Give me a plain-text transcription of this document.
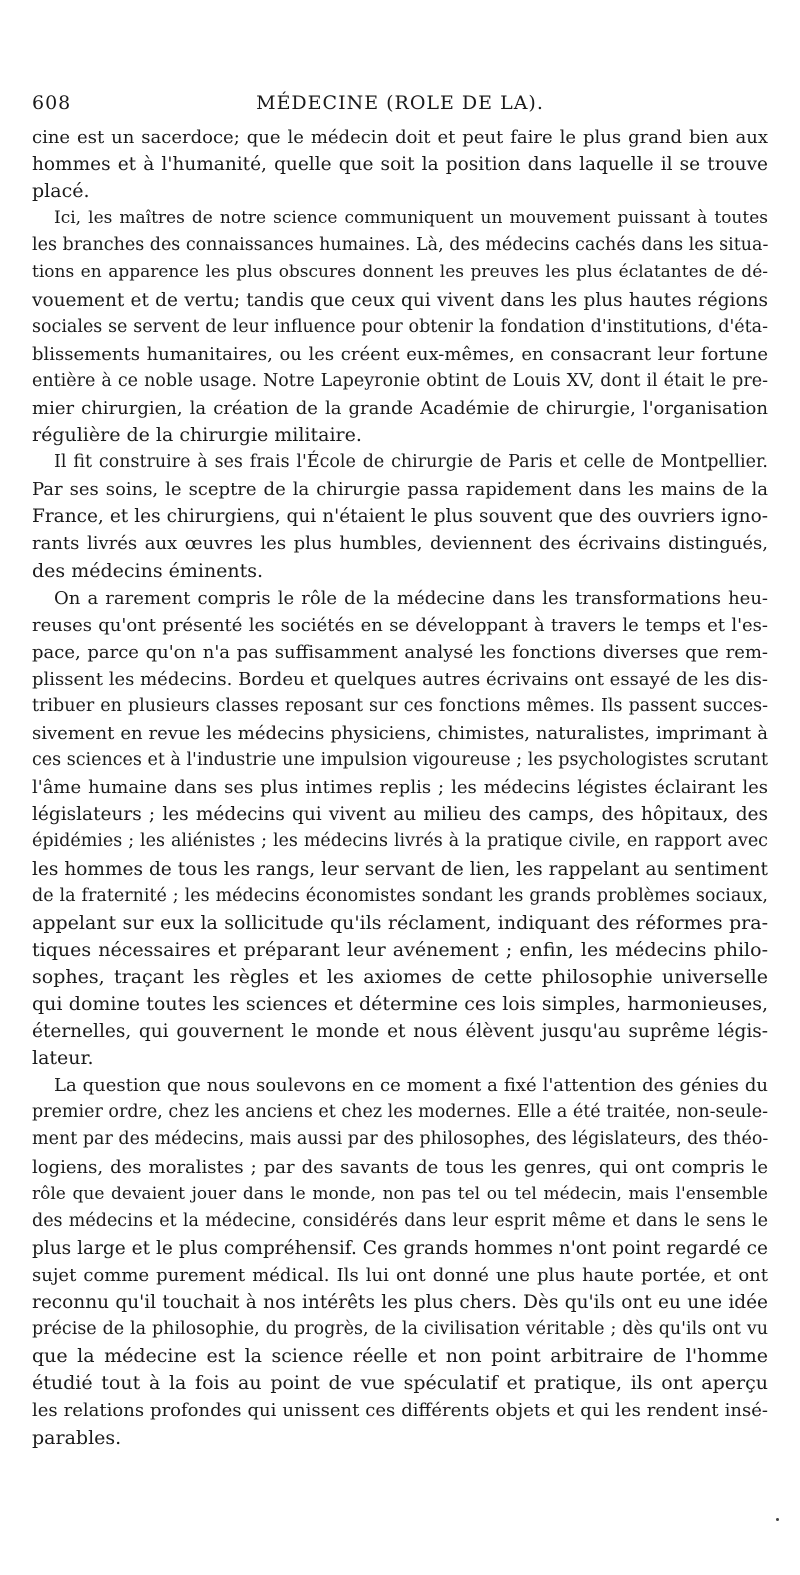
608	MÉDECINE (ROLE DE LA).
cine est un sacerdoce; que le médecin doit et peut faire le plus grand bien aux
hommes et à l'humanité, quelle que soit la position dans laquelle il se trouve
placé.
Ici, les maîtres de notre science communiquent un mouvement puissant à toutes
les branches des connaissances humaines. Là, des médecins cachés dans les situa-
tions en apparence les plus obscures donnent les preuves les plus éclatantes de dé-
vouement et de vertu; tandis que ceux qui vivent dans les plus hautes régions
sociales se servent de leur influence pour obtenir la fondation d'institutions, d'éta-
blissements humanitaires, ou les créent eux-mêmes, en consacrant leur fortune
entière à ce noble usage. Notre Lapeyronie obtint de Louis XV, dont il était le pre-
mier chirurgien, la création de la grande Académie de chirurgie, l'organisation
régulière de la chirurgie militaire.
Il fit construire à ses frais l'École de chirurgie de Paris et celle de Montpellier.
Par ses soins, le sceptre de la chirurgie passa rapidement dans les mains de la
France, et les chirurgiens, qui n'étaient le plus souvent que des ouvriers igno-
rants livrés aux œuvres les plus humbles, deviennent des écrivains distingués,
des médecins éminents.
On a rarement compris le rôle de la médecine dans les transformations heu-
reuses qu'ont présenté les sociétés en se développant à travers le temps et l'es-
pace, parce qu'on n'a pas suffisamment analysé les fonctions diverses que rem-
plissent les médecins. Bordeu et quelques autres écrivains ont essayé de les dis-
tribuer en plusieurs classes reposant sur ces fonctions mêmes. Ils passent succes-
sivement en revue les médecins physiciens, chimistes, naturalistes, imprimant à
ces sciences et à l'industrie une impulsion vigoureuse ; les psychologistes scrutant
l'âme humaine dans ses plus intimes replis ; les médecins légistes éclairant les
législateurs ; les médecins qui vivent au milieu des camps, des hôpitaux, des
épidémies ; les aliénistes ; les médecins livrés à la pratique civile, en rapport avec
les hommes de tous les rangs, leur servant de lien, les rappelant au sentiment
de la fraternité ; les médecins économistes sondant les grands problèmes sociaux,
appelant sur eux la sollicitude qu'ils réclament, indiquant des réformes pra-
tiques nécessaires et préparant leur avénement ; enfin, les médecins philo-
sophes, traçant les règles et les axiomes de cette philosophie universelle
qui domine toutes les sciences et détermine ces lois simples, harmonieuses,
éternelles, qui gouvernent le monde et nous élèvent jusqu'au suprême légis-
lateur.
La question que nous soulevons en ce moment a fixé l'attention des génies du
premier ordre, chez les anciens et chez les modernes. Elle a été traitée, non-seule-
ment par des médecins, mais aussi par des philosophes, des législateurs, des théo-
logiens, des moralistes ; par des savants de tous les genres, qui ont compris le
rôle que devaient jouer dans le monde, non pas tel ou tel médecin, mais l'ensemble
des médecins et la médecine, considérés dans leur esprit même et dans le sens le
plus large et le plus compréhensif. Ces grands hommes n'ont point regardé ce
sujet comme purement médical. Ils lui ont donné une plus haute portée, et ont
reconnu qu'il touchait à nos intérêts les plus chers. Dès qu'ils ont eu une idée
précise de la philosophie, du progrès, de la civilisation véritable ; dès qu'ils ont vu
que la médecine est la science réelle et non point arbitraire de l'homme
étudié tout à la fois au point de vue spéculatif et pratique, ils ont aperçu
les relations profondes qui unissent ces différents objets et qui les rendent insé-
parables.
